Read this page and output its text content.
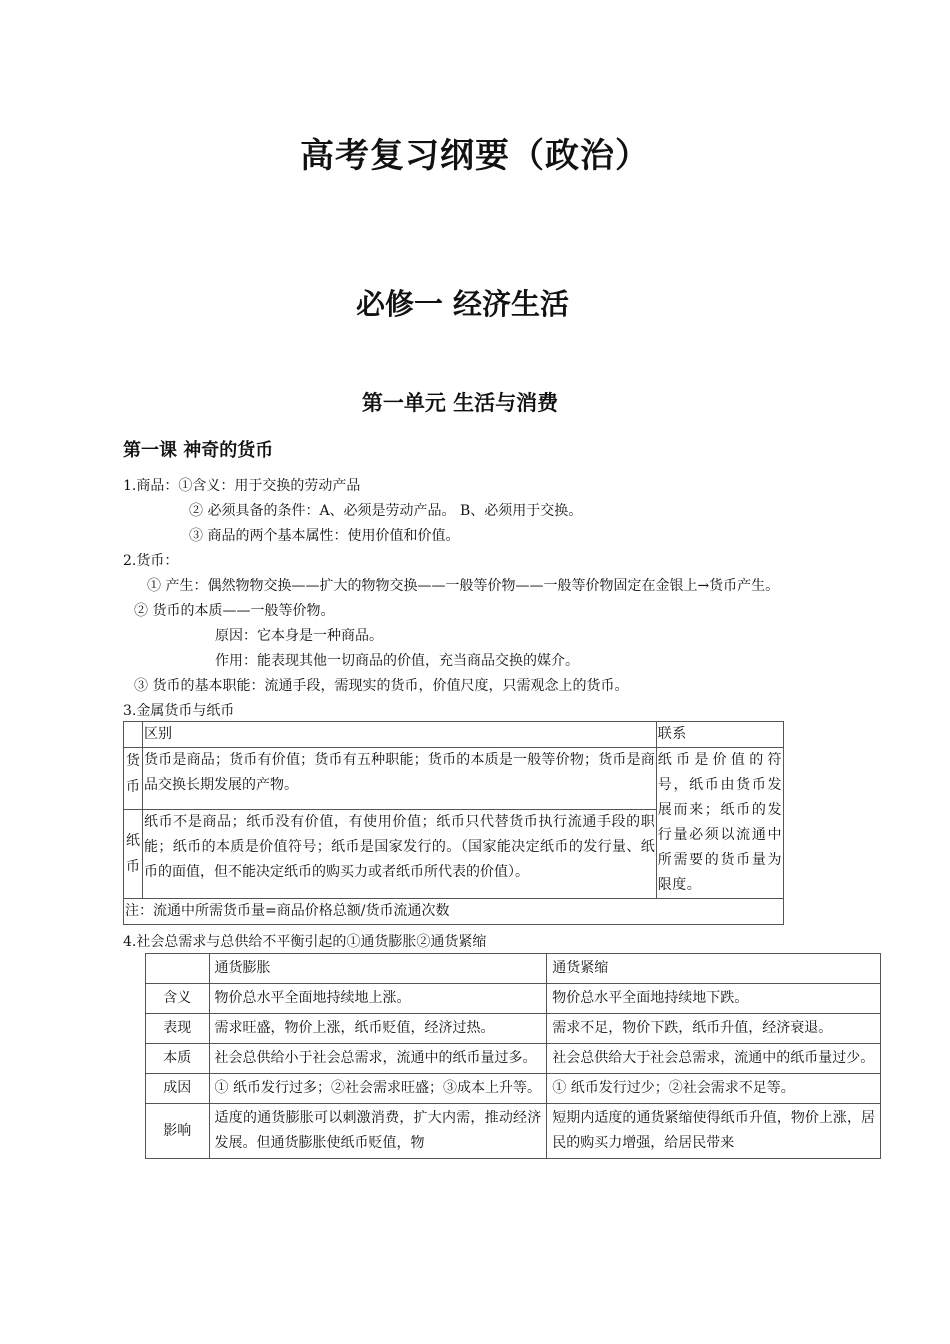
高考复习纲要（政治）
必修一 经济生活
第一单元 生活与消费
第一课 神奇的货币
1.商品：①含义：用于交换的劳动产品
② 必须具备的条件：A、必须是劳动产品。 B、必须用于交换。
③ 商品的两个基本属性：使用价值和价值。
2.货币：
① 产生：偶然物物交换——扩大的物物交换——一般等价物——一般等价物固定在金银上→货币产生。
② 货币的本质——一般等价物。
原因：它本身是一种商品。
作用：能表现其他一切商品的价值，充当商品交换的媒介。
③ 货币的基本职能：流通手段，需现实的货币，价值尺度，只需观念上的货币。
3.金属货币与纸币
	区别	联系
货币	货币是商品；货币有价值；货币有五种职能；货币的本质是一般等价物；货币是商品交换长期发展的产物。	纸币是价值的符号，纸币由货币发展而来；纸币的发行量必须以流通中所需要的货币量为限度。
纸币	纸币不是商品；纸币没有价值，有使用价值；纸币只代替货币执行流通手段的职能；纸币的本质是价值符号；纸币是国家发行的。（国家能决定纸币的发行量、纸币的面值，但不能决定纸币的购买力或者纸币所代表的价值）。	
注：流通中所需货币量=商品价格总额/货币流通次数		
4.社会总需求与总供给不平衡引起的①通货膨胀②通货紧缩
	通货膨胀	通货紧缩
含义	物价总水平全面地持续地上涨。	物价总水平全面地持续地下跌。
表现	需求旺盛，物价上涨，纸币贬值，经济过热。	需求不足，物价下跌，纸币升值，经济衰退。
本质	社会总供给小于社会总需求，流通中的纸币量过多。	社会总供给大于社会总需求，流通中的纸币量过少。
成因	① 纸币发行过多；②社会需求旺盛；③成本上升等。	① 纸币发行过少；②社会需求不足等。
影响	适度的通货膨胀可以刺激消费，扩大内需，推动经济发展。但通货膨胀使纸币贬值，物	短期内适度的通货紧缩使得纸币升值，物价上涨，居民的购买力增强，给居民带来
